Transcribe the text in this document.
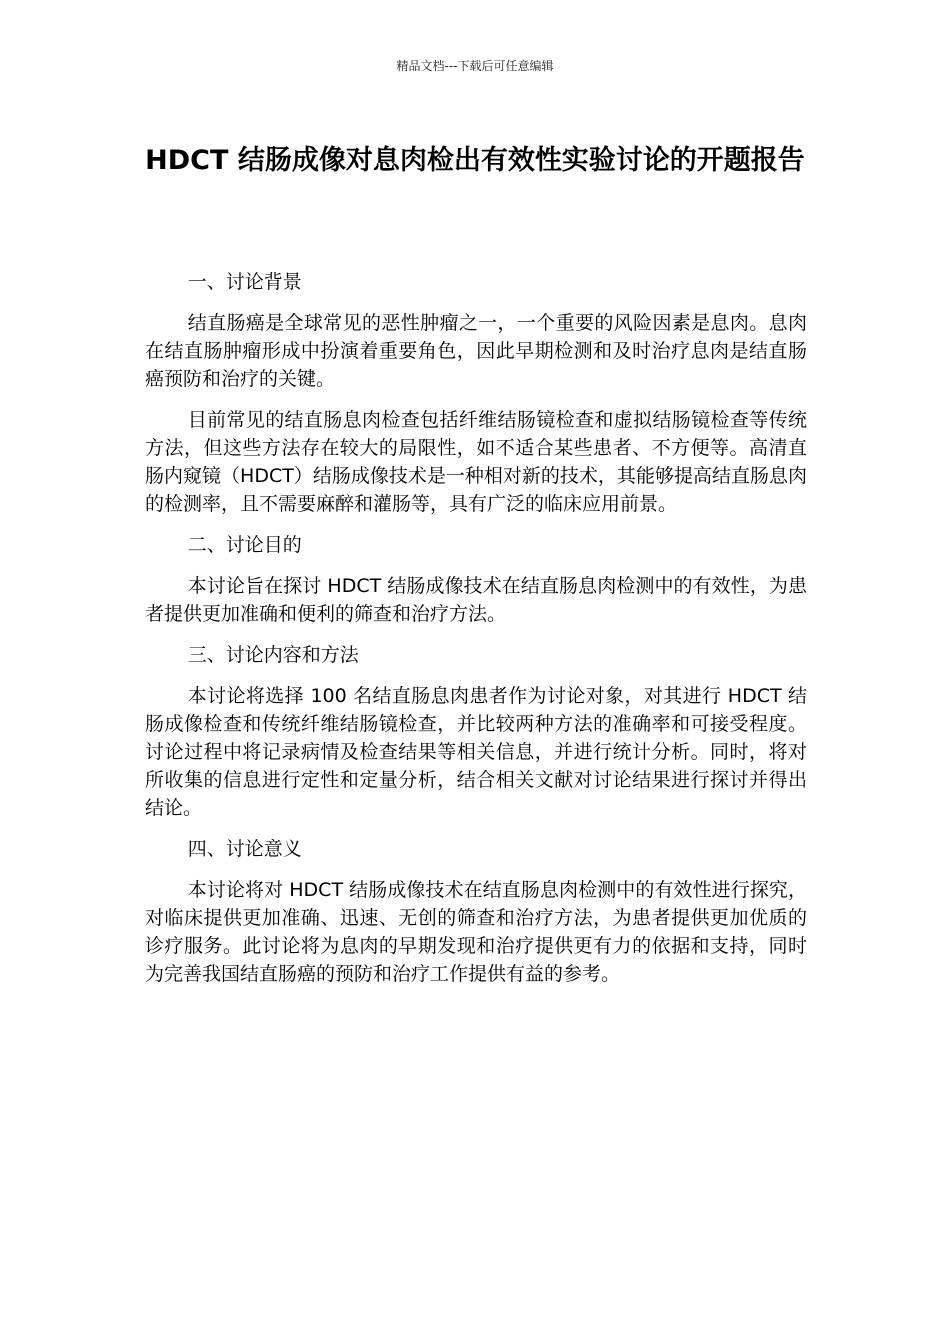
精品文档---下载后可任意编辑
HDCT 结肠成像对息肉检出有效性实验讨论的开题报告

一、讨论背景

结直肠癌是全球常见的恶性肿瘤之一，一个重要的风险因素是息肉。息肉在结直肠肿瘤形成中扮演着重要角色，因此早期检测和及时治疗息肉是结直肠癌预防和治疗的关键。

目前常见的结直肠息肉检查包括纤维结肠镜检查和虚拟结肠镜检查等传统方法，但这些方法存在较大的局限性，如不适合某些患者、不方便等。高清直肠内窥镜（HDCT）结肠成像技术是一种相对新的技术，其能够提高结直肠息肉的检测率，且不需要麻醉和灌肠等，具有广泛的临床应用前景。

二、讨论目的

本讨论旨在探讨 HDCT 结肠成像技术在结直肠息肉检测中的有效性，为患者提供更加准确和便利的筛查和治疗方法。

三、讨论内容和方法

本讨论将选择 100 名结直肠息肉患者作为讨论对象，对其进行 HDCT 结肠成像检查和传统纤维结肠镜检查，并比较两种方法的准确率和可接受程度。讨论过程中将记录病情及检查结果等相关信息，并进行统计分析。同时，将对所收集的信息进行定性和定量分析，结合相关文献对讨论结果进行探讨并得出结论。

四、讨论意义

本讨论将对 HDCT 结肠成像技术在结直肠息肉检测中的有效性进行探究，对临床提供更加准确、迅速、无创的筛查和治疗方法，为患者提供更加优质的诊疗服务。此讨论将为息肉的早期发现和治疗提供更有力的依据和支持，同时为完善我国结直肠癌的预防和治疗工作提供有益的参考。
